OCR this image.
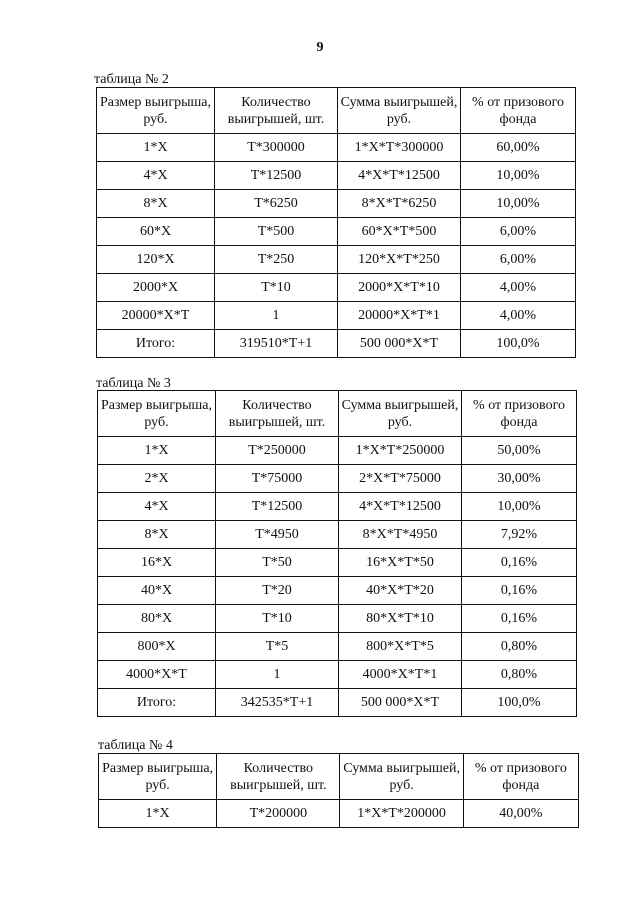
9
таблица № 2
Размер выигрыша, руб.	Количество выигрышей, шт.	Сумма выигрышей, руб.	% от призового фонда
1*Х	Т*300000	1*Х*Т*300000	60,00%
4*Х	Т*12500	4*Х*Т*12500	10,00%
8*Х	Т*6250	8*Х*Т*6250	10,00%
60*Х	Т*500	60*Х*Т*500	6,00%
120*Х	Т*250	120*Х*Т*250	6,00%
2000*Х	Т*10	2000*Х*Т*10	4,00%
20000*Х*Т	1	20000*Х*Т*1	4,00%
Итого:	319510*Т+1	500 000*Х*Т	100,0%
таблица № 3
Размер выигрыша, руб.	Количество выигрышей, шт.	Сумма выигрышей, руб.	% от призового фонда
1*Х	Т*250000	1*Х*Т*250000	50,00%
2*Х	Т*75000	2*Х*Т*75000	30,00%
4*Х	Т*12500	4*Х*Т*12500	10,00%
8*Х	Т*4950	8*Х*Т*4950	7,92%
16*Х	Т*50	16*Х*Т*50	0,16%
40*Х	Т*20	40*Х*Т*20	0,16%
80*Х	Т*10	80*Х*Т*10	0,16%
800*Х	Т*5	800*Х*Т*5	0,80%
4000*Х*Т	1	4000*Х*Т*1	0,80%
Итого:	342535*Т+1	500 000*Х*Т	100,0%
таблица № 4
Размер выигрыша, руб.	Количество выигрышей, шт.	Сумма выигрышей, руб.	% от призового фонда
1*Х	Т*200000	1*Х*Т*200000	40,00%
